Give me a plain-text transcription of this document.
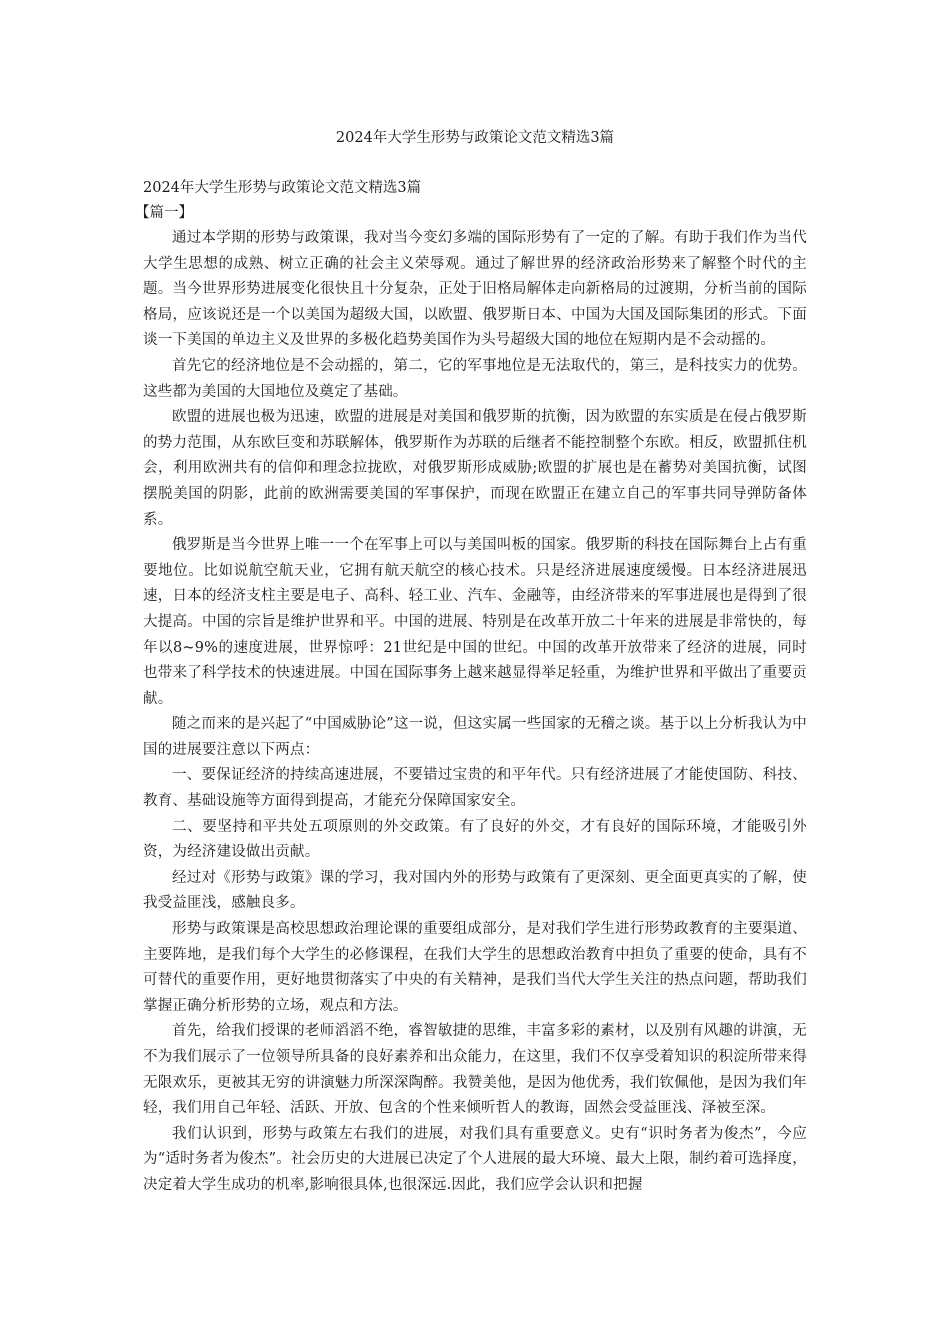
2024年大学生形势与政策论文范文精选3篇

2024年大学生形势与政策论文范文精选3篇

【篇一】

通过本学期的形势与政策课，我对当今变幻多端的国际形势有了一定的了解。有助于我们作为当代大学生思想的成熟、树立正确的社会主义荣辱观。通过了解世界的经济政治形势来了解整个时代的主题。当今世界形势进展变化很快且十分复杂，正处于旧格局解体走向新格局的过渡期，分析当前的国际格局，应该说还是一个以美国为超级大国，以欧盟、俄罗斯日本、中国为大国及国际集团的形式。下面谈一下美国的单边主义及世界的多极化趋势美国作为头号超级大国的地位在短期内是不会动摇的。

首先它的经济地位是不会动摇的，第二，它的军事地位是无法取代的，第三，是科技实力的优势。这些都为美国的大国地位及奠定了基础。

欧盟的进展也极为迅速，欧盟的进展是对美国和俄罗斯的抗衡，因为欧盟的东实质是在侵占俄罗斯的势力范围，从东欧巨变和苏联解体，俄罗斯作为苏联的后继者不能控制整个东欧。相反，欧盟抓住机会，利用欧洲共有的信仰和理念拉拢欧，对俄罗斯形成威胁;欧盟的扩展也是在蓄势对美国抗衡，试图摆脱美国的阴影，此前的欧洲需要美国的军事保护，而现在欧盟正在建立自己的军事共同导弹防备体系。

俄罗斯是当今世界上唯一一个在军事上可以与美国叫板的国家。俄罗斯的科技在国际舞台上占有重要地位。比如说航空航天业，它拥有航天航空的核心技术。只是经济进展速度缓慢。日本经济进展迅速，日本的经济支柱主要是电子、高科、轻工业、汽车、金融等，由经济带来的军事进展也是得到了很大提高。中国的宗旨是维护世界和平。中国的进展、特别是在改革开放二十年来的进展是非常快的，每年以8~9%的速度进展，世界惊呼：21世纪是中国的世纪。中国的改革开放带来了经济的进展，同时也带来了科学技术的快速进展。中国在国际事务上越来越显得举足轻重，为维护世界和平做出了重要贡献。

随之而来的是兴起了“中国威胁论”这一说，但这实属一些国家的无稽之谈。基于以上分析我认为中国的进展要注意以下两点：

一、要保证经济的持续高速进展，不要错过宝贵的和平年代。只有经济进展了才能使国防、科技、教育、基础设施等方面得到提高，才能充分保障国家安全。

二、要坚持和平共处五项原则的外交政策。有了良好的外交，才有良好的国际环境，才能吸引外资，为经济建设做出贡献。

经过对《形势与政策》课的学习，我对国内外的形势与政策有了更深刻、更全面更真实的了解，使我受益匪浅，感触良多。

形势与政策课是高校思想政治理论课的重要组成部分，是对我们学生进行形势政教育的主要渠道、主要阵地，是我们每个大学生的必修课程，在我们大学生的思想政治教育中担负了重要的使命，具有不可替代的重要作用，更好地贯彻落实了中央的有关精神，是我们当代大学生关注的热点问题，帮助我们掌握正确分析形势的立场，观点和方法。

首先，给我们授课的老师滔滔不绝，睿智敏捷的思维，丰富多彩的素材，以及别有风趣的讲演，无不为我们展示了一位领导所具备的良好素养和出众能力，在这里，我们不仅享受着知识的积淀所带来得无限欢乐，更被其无穷的讲演魅力所深深陶醉。我赞美他，是因为他优秀，我们钦佩他，是因为我们年轻，我们用自己年轻、活跃、开放、包含的个性来倾听哲人的教诲，固然会受益匪浅、泽被至深。

我们认识到，形势与政策左右我们的进展，对我们具有重要意义。史有“识时务者为俊杰”，今应为“适时务者为俊杰”。社会历史的大进展已决定了个人进展的最大环境、最大上限，制约着可选择度，决定着大学生成功的机率,影响很具体,也很深远.因此，我们应学会认识和把握
